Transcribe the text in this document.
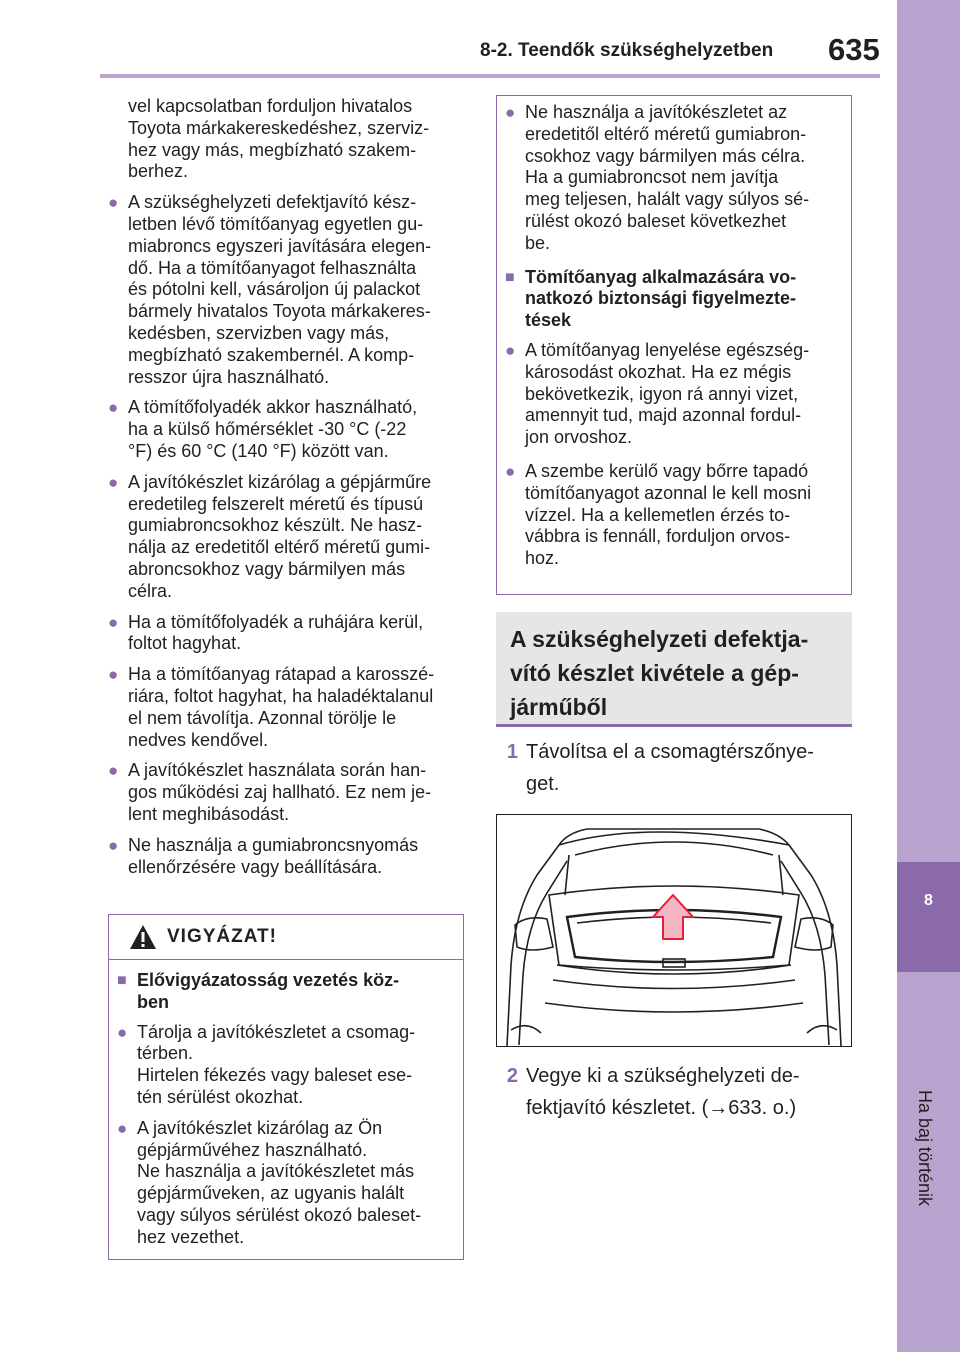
8-2. Teendők szükséghelyzetben 635
8
Ha baj történik
vel kapcsolatban forduljon hivatalos
Toyota márkakereskedéshez, szerviz-
hez vagy más, megbízható szakem-
berhez.
● A szükséghelyzeti defektjavító kész-
letben lévő tömítőanyag egyetlen gu-
miabroncs egyszeri javítására elegen-
dő. Ha a tömítőanyagot felhasználta
és pótolni kell, vásároljon új palackot
bármely hivatalos Toyota márkakeres-
kedésben, szervizben vagy más,
megbízható szakembernél. A komp-
resszor újra használható.
● A tömítőfolyadék akkor használható,
ha a külső hőmérséklet -30 °C (-22
°F) és 60 °C (140 °F) között van.
● A javítókészlet kizárólag a gépjárműre
eredetileg felszerelt méretű és típusú
gumiabroncsokhoz készült. Ne hasz-
nálja az eredetitől eltérő méretű gumi-
abroncsokhoz vagy bármilyen más
célra.
● Ha a tömítőfolyadék a ruhájára kerül,
foltot hagyhat.
● Ha a tömítőanyag rátapad a karosszé-
riára, foltot hagyhat, ha haladéktalanul
el nem távolítja. Azonnal törölje le
nedves kendővel.
● A javítókészlet használata során han-
gos működési zaj hallható. Ez nem je-
lent meghibásodást.
● Ne használja a gumiabroncsnyomás
ellenőrzésére vagy beállítására.
VIGYÁZAT!
■ Elővigyázatosság vezetés köz-
ben
● Tárolja a javítókészletet a csomag-
térben.
Hirtelen fékezés vagy baleset ese-
tén sérülést okozhat.
● A javítókészlet kizárólag az Ön
gépjárművéhez használható.
Ne használja a javítókészletet más
gépjárműveken, az ugyanis halált
vagy súlyos sérülést okozó baleset-
hez vezethet.
● Ne használja a javítókészletet az
eredetitől eltérő méretű gumiabron-
csokhoz vagy bármilyen más célra.
Ha a gumiabroncsot nem javítja
meg teljesen, halált vagy súlyos sé-
rülést okozó baleset következhet
be.
■ Tömítőanyag alkalmazására vo-
natkozó biztonsági figyelmezte-
tések
● A tömítőanyag lenyelése egészség-
károsodást okozhat. Ha ez mégis
bekövetkezik, igyon rá annyi vizet,
amennyit tud, majd azonnal fordul-
jon orvoshoz.
● A szembe kerülő vagy bőrre tapadó
tömítőanyagot azonnal le kell mosni
vízzel. Ha a kellemetlen érzés to-
vábbra is fennáll, forduljon orvos-
hoz.
A szükséghelyzeti defektja-
vító készlet kivétele a gép-
járműből
1 Távolítsa el a csomagtérszőnye-
get.
2 Vegye ki a szükséghelyzeti de-
fektjavító készletet. (→633. o.)
